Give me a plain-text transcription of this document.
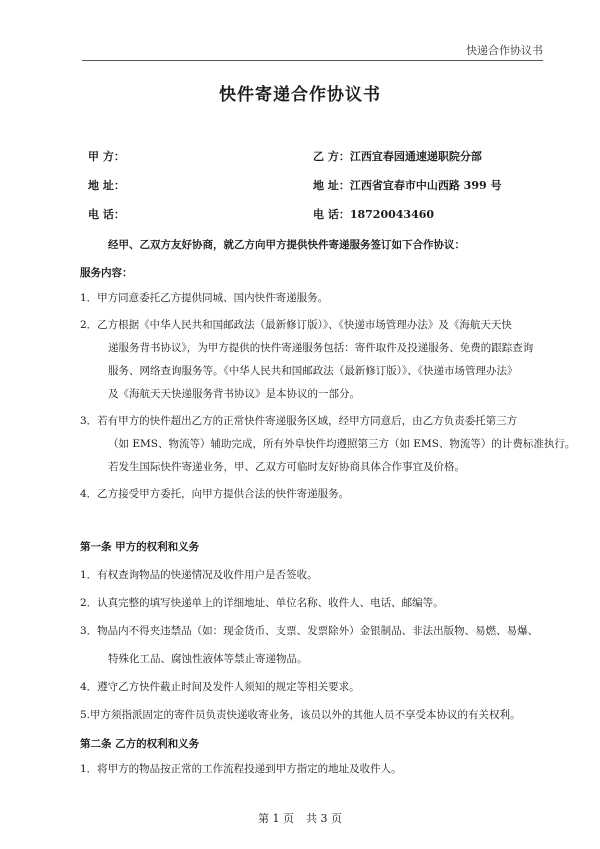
快递合作协议书
快件寄递合作协议书
甲 方：
地 址：
电 话：
乙 方：江西宜春园通速递职院分部
地 址：江西省宜春市中山西路 399 号
电 话：18720043460
经甲、乙双方友好协商，就乙方向甲方提供快件寄递服务签订如下合作协议：
服务内容：
1．甲方同意委托乙方提供同城、国内快件寄递服务。
2．乙方根据《中华人民共和国邮政法（最新修订版）》、《快递市场管理办法》及《海航天天快
递服务背书协议》，为甲方提供的快件寄递服务包括：寄件取件及投递服务、免费的跟踪查询
服务、网络查询服务等。《中华人民共和国邮政法（最新修订版）》、《快递市场管理办法》
及《海航天天快递服务背书协议》是本协议的一部分。
3．若有甲方的快件超出乙方的正常快件寄递服务区域，经甲方同意后，由乙方负责委托第三方
（如 EMS、物流等）辅助完成，所有外阜快件均遵照第三方（如 EMS、物流等）的计费标准执行。
若发生国际快件寄递业务，甲、乙双方可临时友好协商具体合作事宜及价格。
4．乙方接受甲方委托，向甲方提供合法的快件寄递服务。
第一条 甲方的权利和义务
1．有权查询物品的快递情况及收件用户是否签收。
2．认真完整的填写快递单上的详细地址、单位名称、收件人、电话、邮编等。
3．物品内不得夹违禁品（如：现金货币、支票、发票除外）金银制品、非法出版物、易燃、易爆、
特殊化工品、腐蚀性液体等禁止寄递物品。
4．遵守乙方快件截止时间及发件人须知的规定等相关要求。
5.甲方须指派固定的寄件员负责快递收寄业务，该员以外的其他人员不享受本协议的有关权利。
第二条 乙方的权利和义务
1．将甲方的物品按正常的工作流程投递到甲方指定的地址及收件人。
第 1 页 共 3 页
